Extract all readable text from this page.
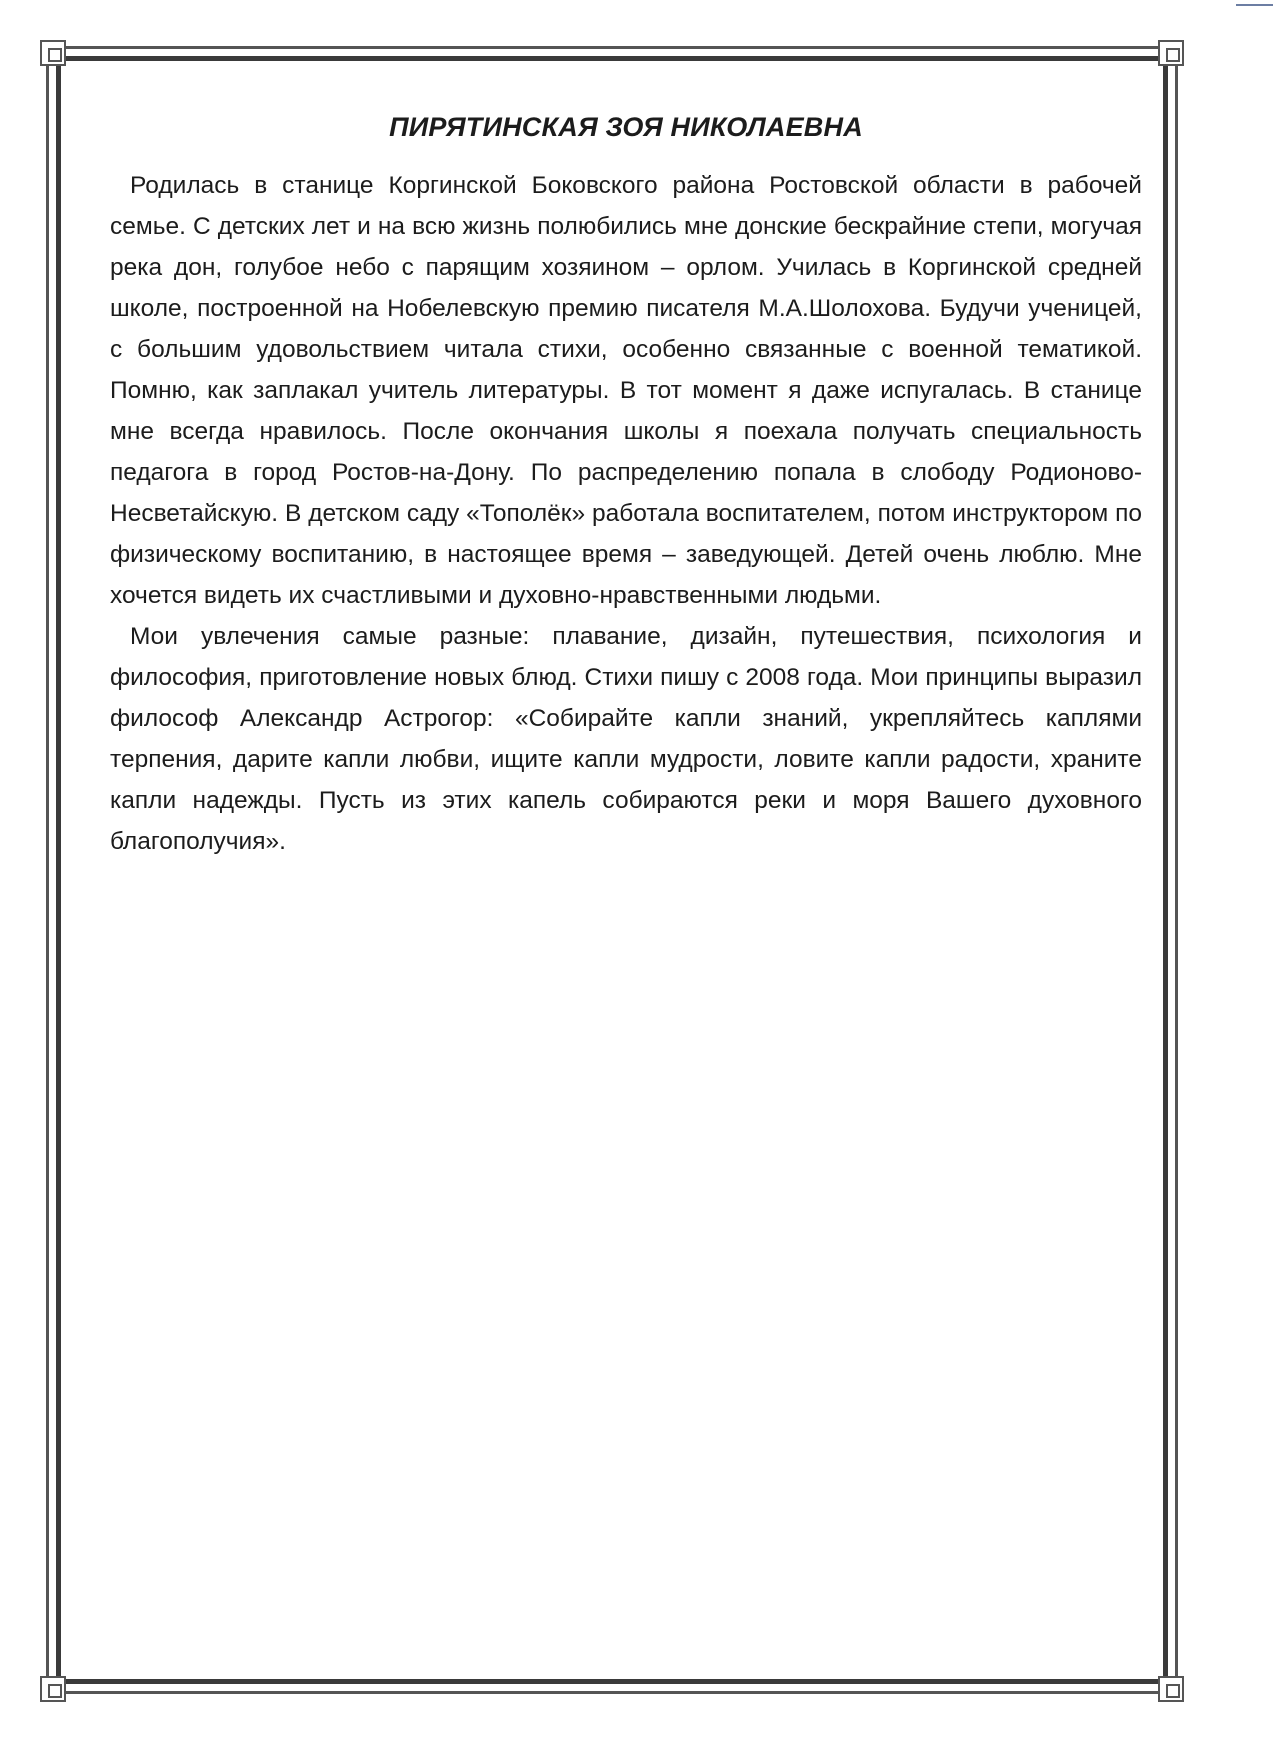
ПИРЯТИНСКАЯ ЗОЯ НИКОЛАЕВНА

Родилась в станице Коргинской Боковского района Ростовской области в рабочей семье. С детских лет и на всю жизнь полюбились мне донские бескрайние степи, могучая река дон, голубое небо с парящим хозяином – орлом. Училась в Коргинской средней школе, построенной на Нобелевскую премию писателя М.А.Шолохова. Будучи ученицей, с большим удовольствием читала стихи, особенно связанные с военной тематикой. Помню, как заплакал учитель литературы. В тот момент я даже испугалась. В станице мне всегда нравилось. После окончания школы я поехала получать специальность педагога в город Ростов-на-Дону. По распределению попала в слободу Родионово-Несветайскую. В детском саду «Тополёк» работала воспитателем, потом инструктором по физическому воспитанию, в настоящее время – заведующей. Детей очень люблю. Мне хочется видеть их счастливыми и духовно-нравственными людьми.

Мои увлечения самые разные: плавание, дизайн, путешествия, психология и философия, приготовление новых блюд. Стихи пишу с 2008 года. Мои принципы выразил философ Александр Астрогор: «Собирайте капли знаний, укрепляйтесь каплями терпения, дарите капли любви, ищите капли мудрости, ловите капли радости, храните капли надежды. Пусть из этих капель собираются реки и моря Вашего духовного благополучия».
